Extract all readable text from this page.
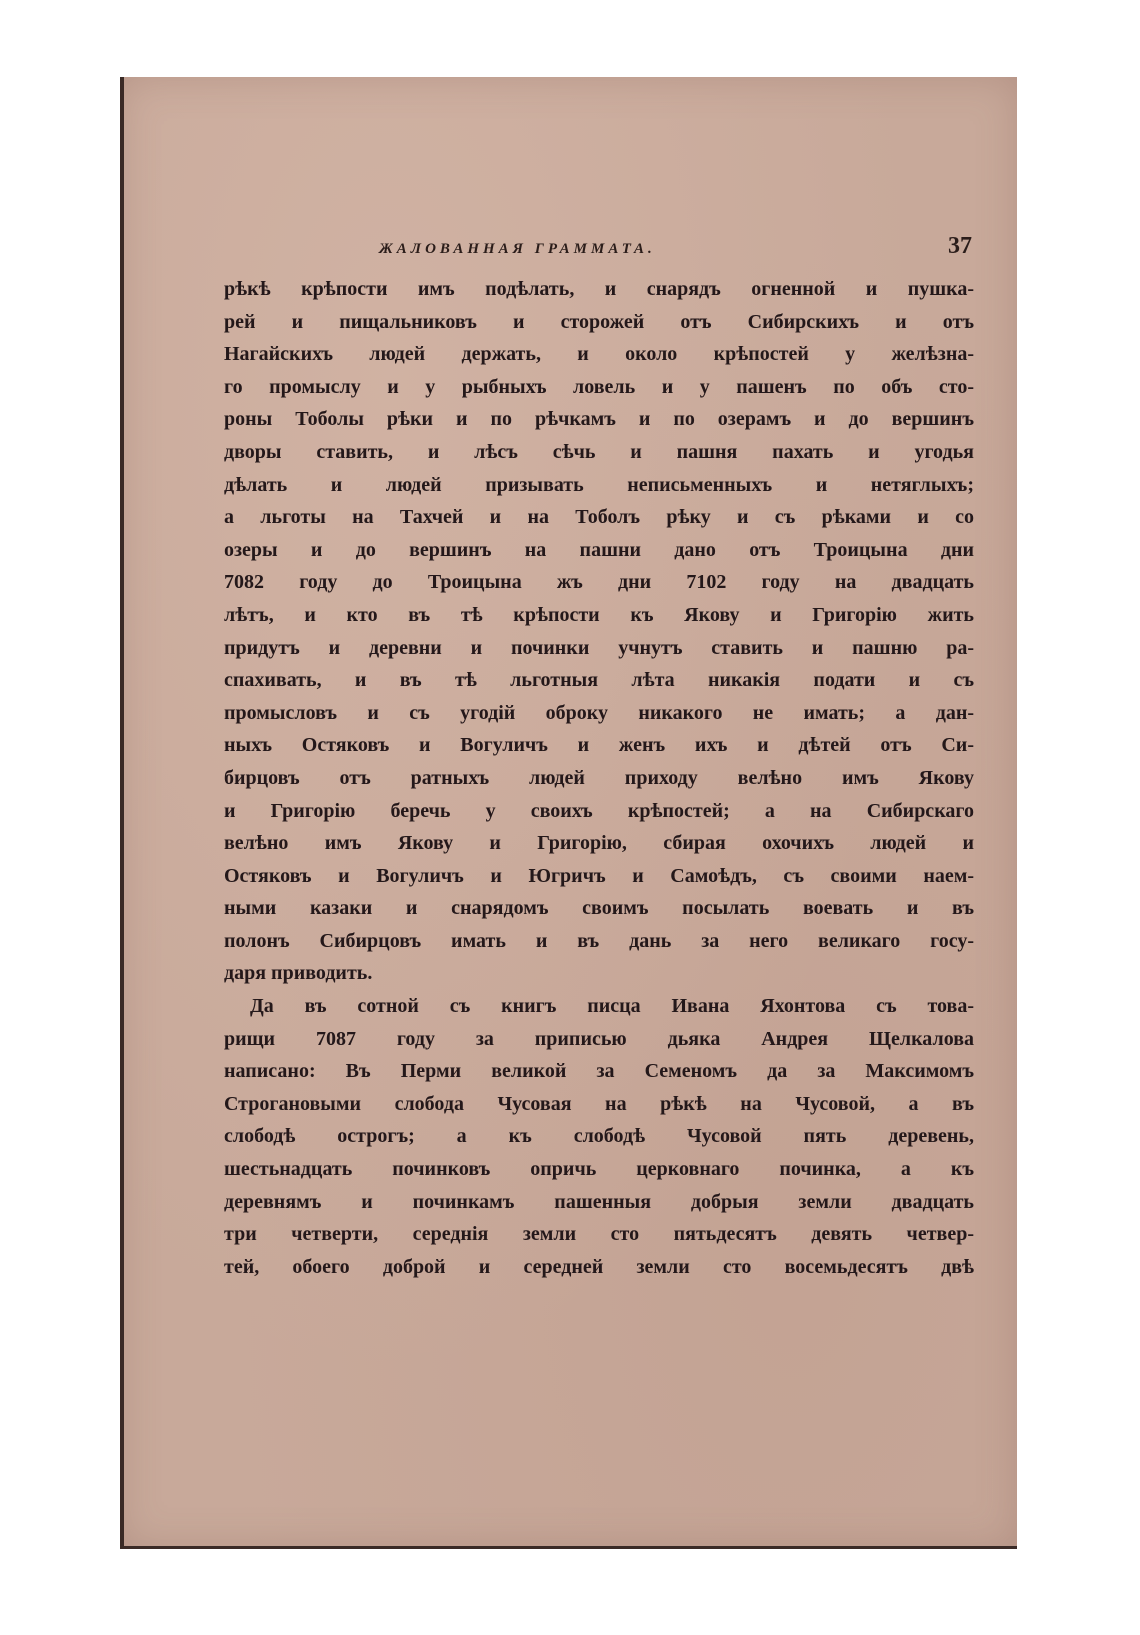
ЖАЛОВАННАЯ ГРАММАТА.	37
рѣкѣ крѣпости имъ подѣлать, и снарядъ огненной и пушка-
рей и пищальниковъ и сторожей отъ Сибирскихъ и отъ
Нагайскихъ людей держать, и около крѣпостей у желѣзна-
го промыслу и у рыбныхъ ловель и у пашенъ по объ сто-
роны Тоболы рѣки и по рѣчкамъ и по озерамъ и до вершинъ
дворы ставить, и лѣсъ сѣчь и пашня пахать и угодья
дѣлать и людей призывать неписьменныхъ и нетяглыхъ;
а льготы на Тахчей и на Тоболъ рѣку и съ рѣками и со
озеры и до вершинъ на пашни дано отъ Троицына дни
7082 году до Троицына жъ дни 7102 году на двадцать
лѣтъ, и кто въ тѣ крѣпости къ Якову и Григорію жить
придутъ и деревни и починки учнутъ ставить и пашню ра-
спахивать, и въ тѣ льготныя лѣта никакія подати и съ
промысловъ и съ угодій оброку никакого не имать; а дан-
ныхъ Остяковъ и Вогуличъ и женъ ихъ и дѣтей отъ Си-
бирцовъ отъ ратныхъ людей приходу велѣно имъ Якову
и Григорію беречь у своихъ крѣпостей; а на Сибирскаго
велѣно имъ Якову и Григорію, сбирая охочихъ людей и
Остяковъ и Вогуличъ и Югричъ и Самоѣдъ, съ своими наем-
ными казаки и снарядомъ своимъ посылать воевать и въ
полонъ Сибирцовъ имать и въ дань за него великаго госу-
даря приводить.
Да въ сотной съ книгъ писца Ивана Яхонтова съ това-
рищи 7087 году за приписью дьяка Андрея Щелкалова
написано: Въ Перми великой за Семеномъ да за Максимомъ
Строгановыми слобода Чусовая на рѣкѣ на Чусовой, а въ
слободѣ острогъ; а къ слободѣ Чусовой пять деревень,
шестьнадцать починковъ опричь церковнаго починка, а къ
деревнямъ и починкамъ пашенныя добрыя земли двадцать
три четверти, середнія земли сто пятьдесятъ девять четвер-
тей, обоего доброй и середней земли сто восемьдесятъ двѣ
